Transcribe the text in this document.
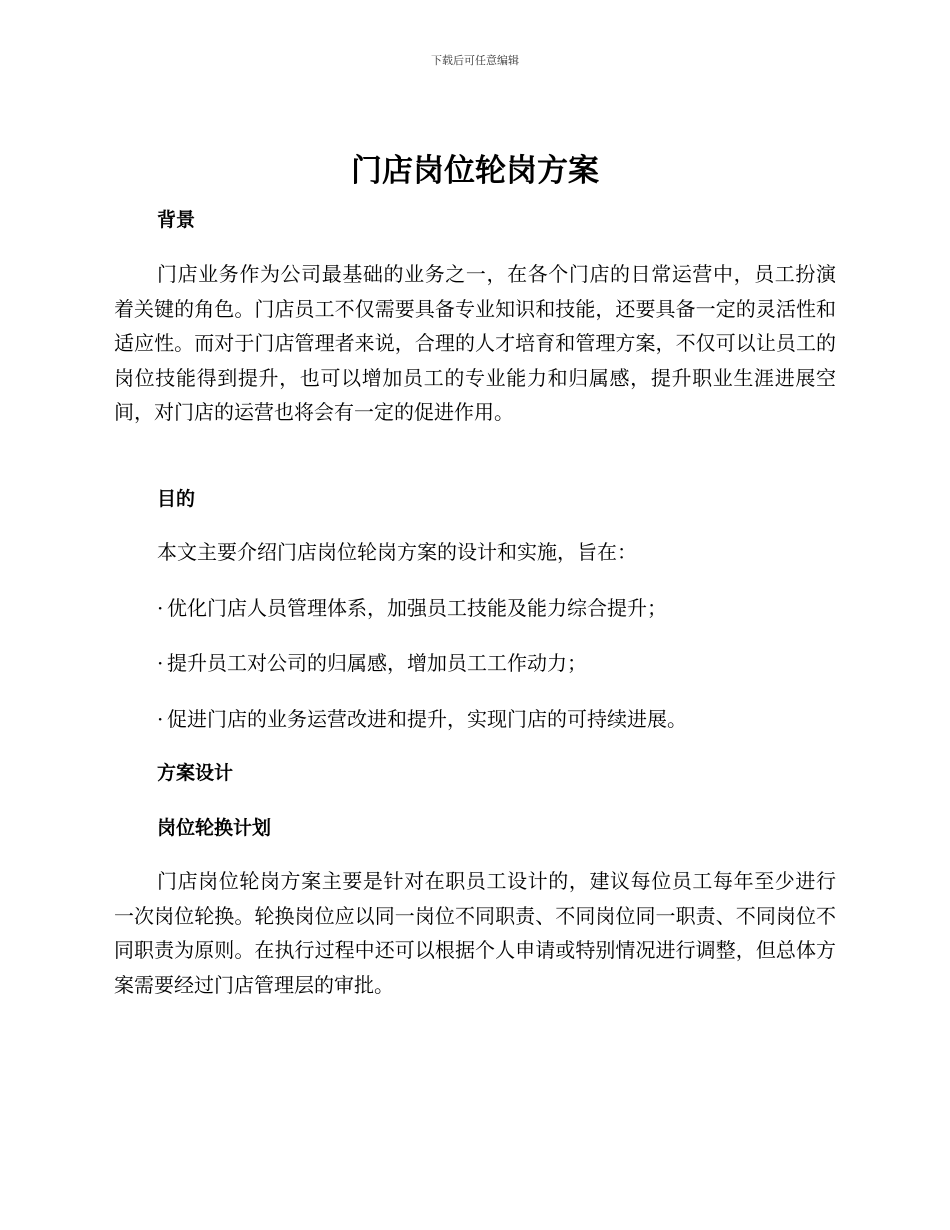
下载后可任意编辑
门店岗位轮岗方案
背景

门店业务作为公司最基础的业务之一，在各个门店的日常运营中，员工扮演着关键的角色。门店员工不仅需要具备专业知识和技能，还要具备一定的灵活性和适应性。而对于门店管理者来说，合理的人才培育和管理方案，不仅可以让员工的岗位技能得到提升，也可以增加员工的专业能力和归属感，提升职业生涯进展空间，对门店的运营也将会有一定的促进作用。

目的

本文主要介绍门店岗位轮岗方案的设计和实施，旨在：

· 优化门店人员管理体系，加强员工技能及能力综合提升；

· 提升员工对公司的归属感，增加员工工作动力；

· 促进门店的业务运营改进和提升，实现门店的可持续进展。

方案设计
岗位轮换计划

门店岗位轮岗方案主要是针对在职员工设计的，建议每位员工每年至少进行一次岗位轮换。轮换岗位应以同一岗位不同职责、不同岗位同一职责、不同岗位不同职责为原则。在执行过程中还可以根据个人申请或特别情况进行调整，但总体方案需要经过门店管理层的审批。
